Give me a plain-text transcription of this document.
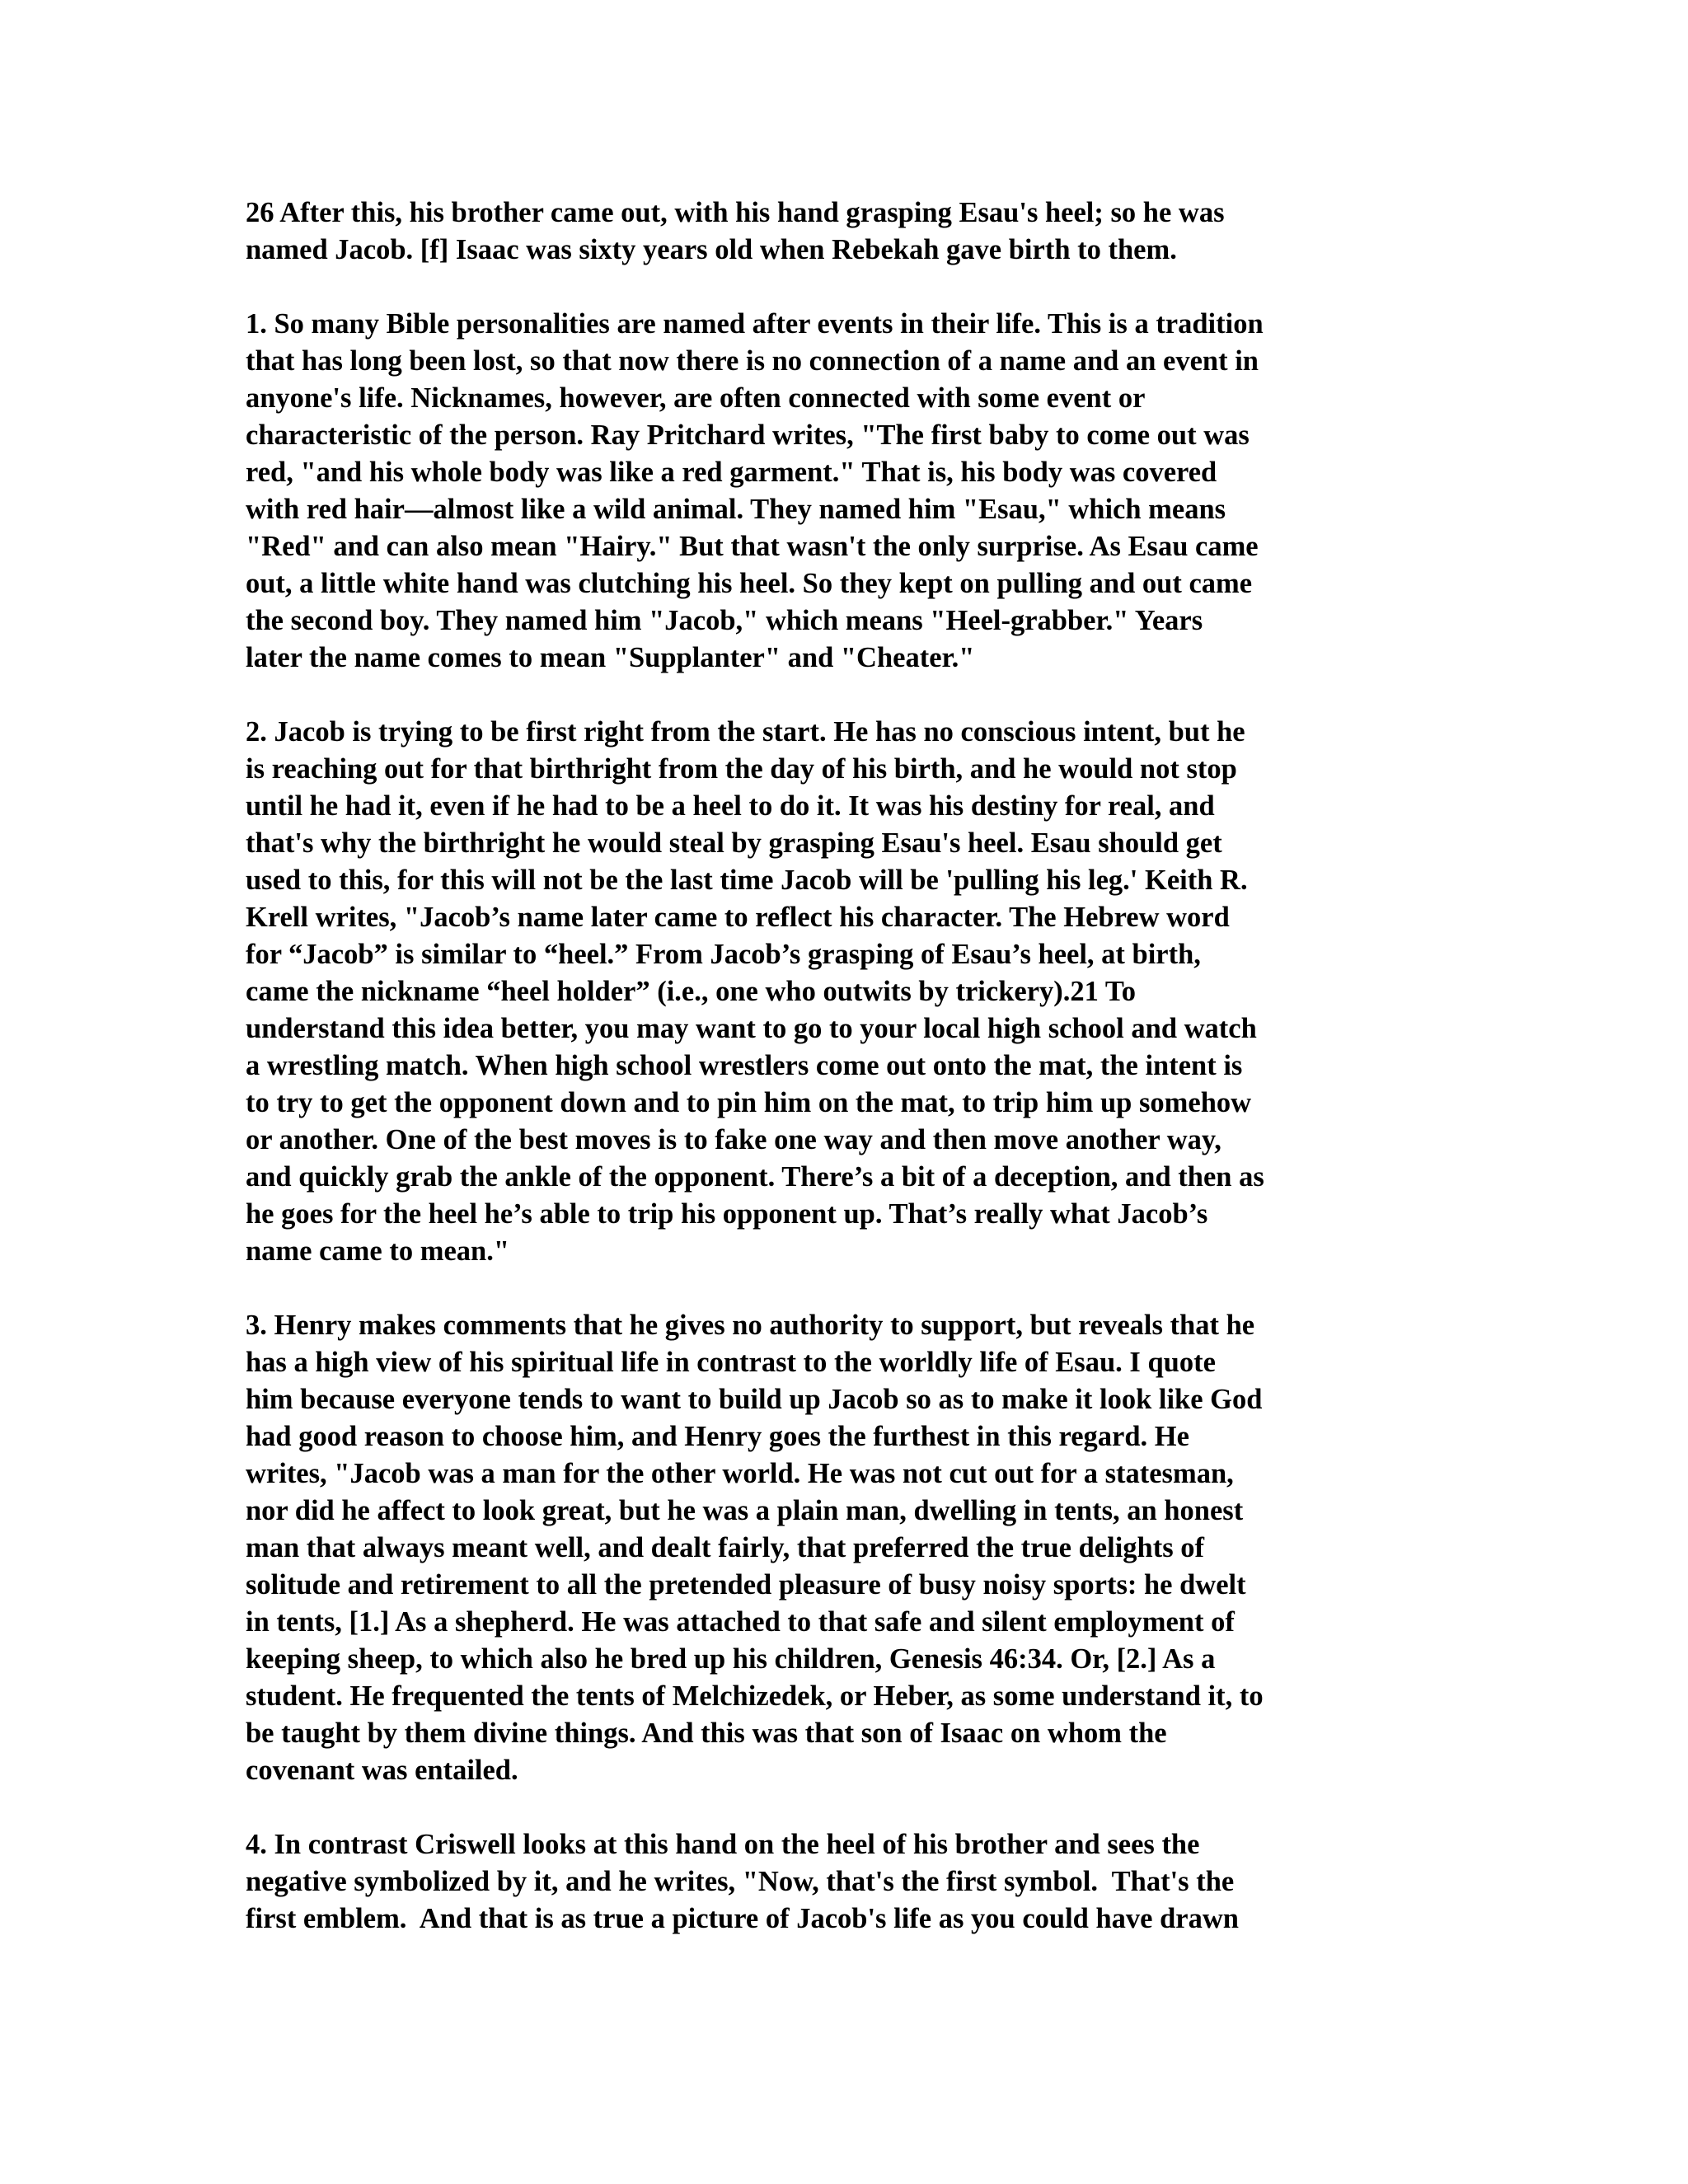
26 After this, his brother came out, with his hand grasping Esau's heel; so he was
named Jacob. [f] Isaac was sixty years old when Rebekah gave birth to them.
1. So many Bible personalities are named after events in their life. This is a tradition
that has long been lost, so that now there is no connection of a name and an event in
anyone's life. Nicknames, however, are often connected with some event or
characteristic of the person. Ray Pritchard writes, "The first baby to come out was
red, "and his whole body was like a red garment." That is, his body was covered
with red hair—almost like a wild animal. They named him "Esau," which means
"Red" and can also mean "Hairy." But that wasn't the only surprise. As Esau came
out, a little white hand was clutching his heel. So they kept on pulling and out came
the second boy. They named him "Jacob," which means "Heel-grabber." Years
later the name comes to mean "Supplanter" and "Cheater."
2. Jacob is trying to be first right from the start. He has no conscious intent, but he
is reaching out for that birthright from the day of his birth, and he would not stop
until he had it, even if he had to be a heel to do it. It was his destiny for real, and
that's why the birthright he would steal by grasping Esau's heel. Esau should get
used to this, for this will not be the last time Jacob will be 'pulling his leg.' Keith R.
Krell writes, "Jacob’s name later came to reflect his character. The Hebrew word
for “Jacob” is similar to “heel.” From Jacob’s grasping of Esau’s heel, at birth,
came the nickname “heel holder” (i.e., one who outwits by trickery).21 To
understand this idea better, you may want to go to your local high school and watch
a wrestling match. When high school wrestlers come out onto the mat, the intent is
to try to get the opponent down and to pin him on the mat, to trip him up somehow
or another. One of the best moves is to fake one way and then move another way,
and quickly grab the ankle of the opponent. There’s a bit of a deception, and then as
he goes for the heel he’s able to trip his opponent up. That’s really what Jacob’s
name came to mean."
3. Henry makes comments that he gives no authority to support, but reveals that he
has a high view of his spiritual life in contrast to the worldly life of Esau. I quote
him because everyone tends to want to build up Jacob so as to make it look like God
had good reason to choose him, and Henry goes the furthest in this regard. He
writes, "Jacob was a man for the other world. He was not cut out for a statesman,
nor did he affect to look great, but he was a plain man, dwelling in tents, an honest
man that always meant well, and dealt fairly, that preferred the true delights of
solitude and retirement to all the pretended pleasure of busy noisy sports: he dwelt
in tents, [1.] As a shepherd. He was attached to that safe and silent employment of
keeping sheep, to which also he bred up his children, Genesis 46:34. Or, [2.] As a
student. He frequented the tents of Melchizedek, or Heber, as some understand it, to
be taught by them divine things. And this was that son of Isaac on whom the
covenant was entailed.
4. In contrast Criswell looks at this hand on the heel of his brother and sees the
negative symbolized by it, and he writes, "Now, that's the first symbol.  That's the
first emblem.  And that is as true a picture of Jacob's life as you could have drawn
